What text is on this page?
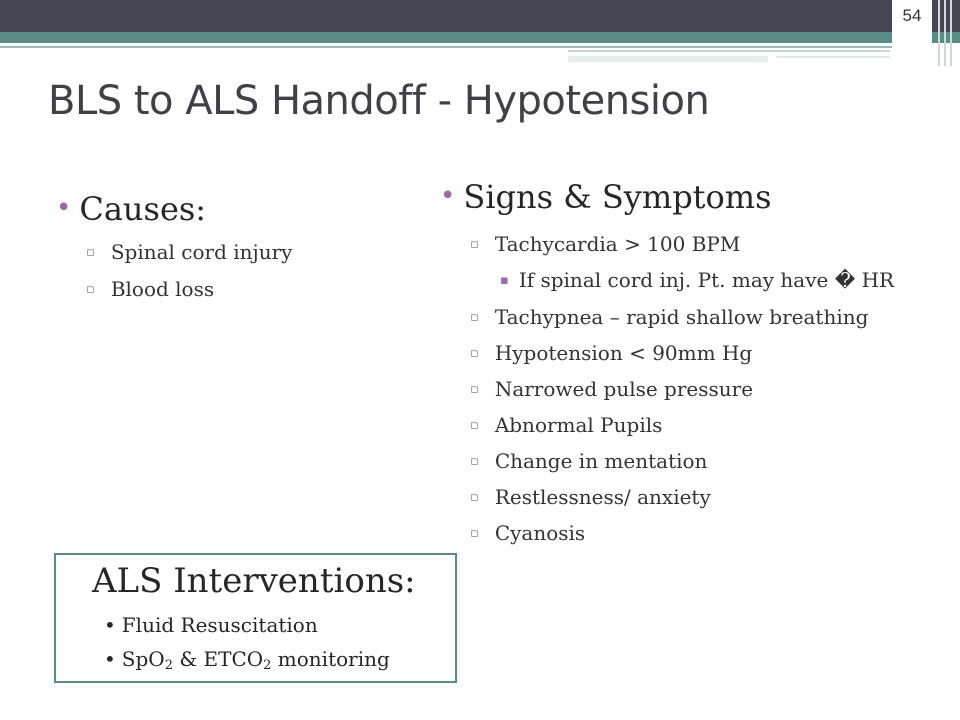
54
BLS to ALS Handoff - Hypotension
• Causes:
▫ Spinal cord injury
▫ Blood loss
• Signs & Symptoms
▫ Tachycardia > 100 BPM
▪ If spinal cord inj. Pt. may have � HR
▫ Tachypnea – rapid shallow breathing
▫ Hypotension < 90mm Hg
▫ Narrowed pulse pressure
▫ Abnormal Pupils
▫ Change in mentation
▫ Restlessness/ anxiety
▫ Cyanosis
ALS Interventions:
• Fluid Resuscitation
• SpO$_2$ & $ETCO_2$ monitoring
